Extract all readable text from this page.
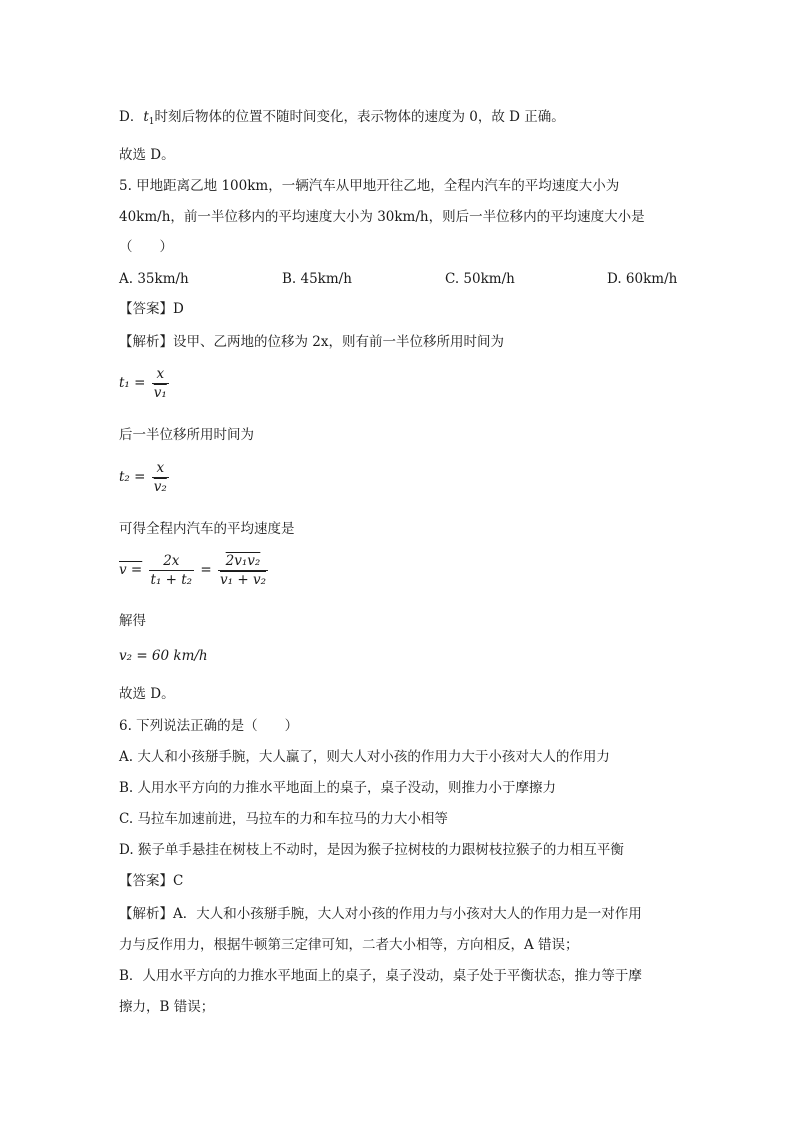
D．$t_1$时刻后物体的位置不随时间变化，表示物体的速度为 0，故 D 正确。
故选 D。
5. 甲地距离乙地 100km，一辆汽车从甲地开往乙地，全程内汽车的平均速度大小为
40km/h，前一半位移内的平均速度大小为 30km/h，则后一半位移内的平均速度大小是
（　　）
A. 35km/h	B. 45km/h	C. 50km/h	D. 60km/h
【答案】D
【解析】设甲、乙两地的位移为 2x，则有前一半位移所用时间为
$t_1 = \frac{x}{\text{v₁}}$
后一半位移所用时间为
$t_2 = \frac{x}{\text{v₂}}$
可得全程内汽车的平均速度是
$v = \frac{2x}{\text{t₁ + t₂}} = \frac{\text{2v₁v₂}}{\text{v₁ + v₂}}$
解得
v₂ = 60 km/h
故选 D。
6. 下列说法正确的是（　　）
A. 大人和小孩掰手腕，大人赢了，则大人对小孩的作用力大于小孩对大人的作用力
B. 人用水平方向的力推水平地面上的桌子，桌子没动，则推力小于摩擦力
C. 马拉车加速前进，马拉车的力和车拉马的力大小相等
D. 猴子单手悬挂在树枝上不动时，是因为猴子拉树枝的力跟树枝拉猴子的力相互平衡
【答案】C
【解析】A．大人和小孩掰手腕，大人对小孩的作用力与小孩对大人的作用力是一对作用
力与反作用力，根据牛顿第三定律可知，二者大小相等，方向相反，A 错误；
B．人用水平方向的力推水平地面上的桌子，桌子没动，桌子处于平衡状态，推力等于摩
擦力，B 错误；
